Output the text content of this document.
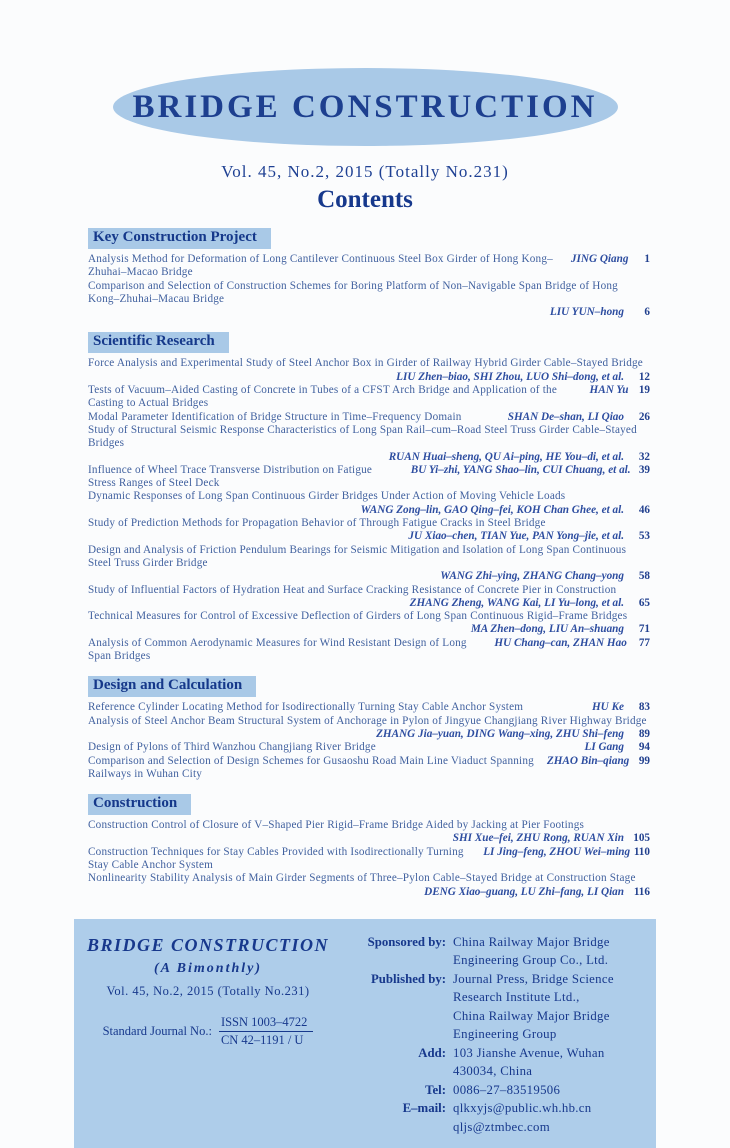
BRIDGE CONSTRUCTION
Vol. 45, No.2, 2015 (Totally No.231)
Contents
Key Construction Project
Analysis Method for Deformation of Long Cantilever Continuous Steel Box Girder of Hong Kong–Zhuhai–Macao Bridge
JING Qiang	1
Comparison and Selection of Construction Schemes for Boring Platform of Non–Navigable Span Bridge of Hong Kong–Zhuhai–Macau Bridge
LIU YUN–hong	6
Scientific Research
Force Analysis and Experimental Study of Steel Anchor Box in Girder of Railway Hybrid Girder Cable–Stayed Bridge
LIU Zhen–biao, SHI Zhou, LUO Shi–dong, et al.	12
Tests of Vacuum–Aided Casting of Concrete in Tubes of a CFST Arch Bridge and Application of the Casting to Actual Bridges
HAN Yu 19
Modal Parameter Identification of Bridge Structure in Time–Frequency Domain	SHAN De–shan, LI Qiao	26
Study of Structural Seismic Response Characteristics of Long Span Rail–cum–Road Steel Truss Girder Cable–Stayed Bridges
RUAN Huai–sheng, QU Ai–ping, HE You–di, et al.	32
Influence of Wheel Trace Transverse Distribution on Fatigue Stress Ranges of Steel Deck
BU Yi–zhi, YANG Shao–lin, CUI Chuang, et al. 39
Dynamic Responses of Long Span Continuous Girder Bridges Under Action of Moving Vehicle Loads
WANG Zong–lin, GAO Qing–fei, KOH Chan Ghee, et al.	46
Study of Prediction Methods for Propagation Behavior of Through Fatigue Cracks in Steel Bridge
JU Xiao–chen, TIAN Yue, PAN Yong–jie, et al.	53
Design and Analysis of Friction Pendulum Bearings for Seismic Mitigation and Isolation of Long Span Continuous Steel Truss Girder Bridge
WANG Zhi–ying, ZHANG Chang–yong	58
Study of Influential Factors of Hydration Heat and Surface Cracking Resistance of Concrete Pier in Construction
ZHANG Zheng, WANG Kai, LI Yu–long, et al.	65
Technical Measures for Control of Excessive Deflection of Girders of Long Span Continuous Rigid–Frame Bridges
MA Zhen–dong, LIU An–shuang	71
Analysis of Common Aerodynamic Measures for Wind Resistant Design of Long Span Bridges
HU Chang–can, ZHAN Hao	77
Design and Calculation
Reference Cylinder Locating Method for Isodirectionally Turning Stay Cable Anchor System	HU Ke	83
Analysis of Steel Anchor Beam Structural System of Anchorage in Pylon of Jingyue Changjiang River Highway Bridge
ZHANG Jia–yuan, DING Wang–xing, ZHU Shi–feng	89
Design of Pylons of Third Wanzhou Changjiang River Bridge	LI Gang	94
Comparison and Selection of Design Schemes for Gusaoshu Road Main Line Viaduct Spanning Railways in Wuhan City
ZHAO Bin–qiang 99
Construction
Construction Control of Closure of V–Shaped Pier Rigid–Frame Bridge Aided by Jacking at Pier Footings
SHI Xue–fei, ZHU Rong, RUAN Xin 105
Construction Techniques for Stay Cables Provided with Isodirectionally Turning Stay Cable Anchor System
LI Jing–feng, ZHOU Wei–ming 110
Nonlinearity Stability Analysis of Main Girder Segments of Three–Pylon Cable–Stayed Bridge at Construction Stage
DENG Xiao–guang, LU Zhi–fang, LI Qian 116
BRIDGE CONSTRUCTION
(A Bimonthly)
Vol. 45, No.2, 2015 (Totally No.231)
Standard Journal No.: $\frac{\text{ISSN 1003–4722}}{CN 42-1191 / U}$
Sponsored by: China Railway Major Bridge Engineering Group Co., Ltd.
Published by: Journal Press, Bridge Science Research Institute Ltd.,
China Railway Major Bridge Engineering Group
Add: 103 Jianshe Avenue, Wuhan 430034, China
Tel: 0086–27–83519506
E–mail: qlkxyjs@public.wh.hb.cn
qljs@ztmbec.com
